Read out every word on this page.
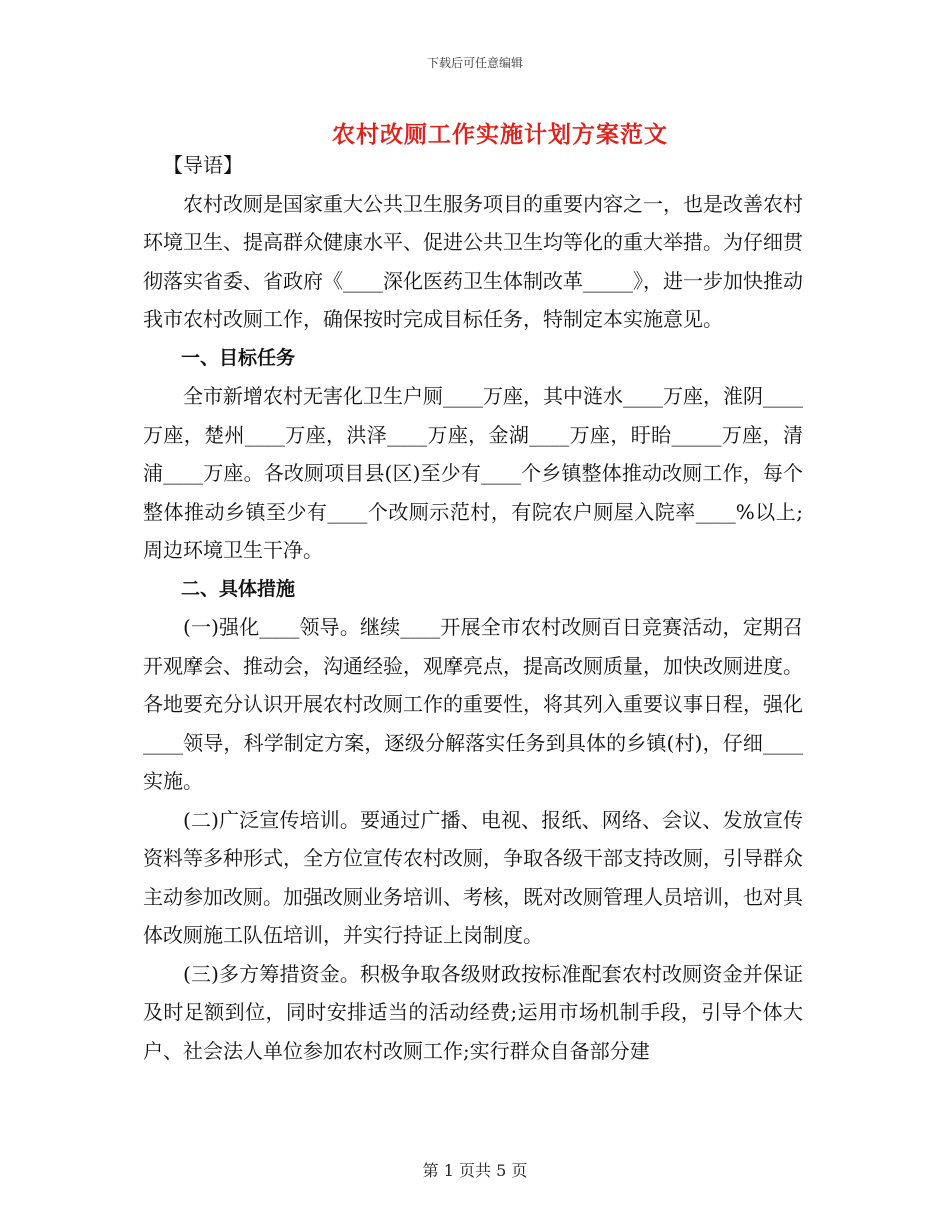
下载后可任意编辑
农村改厕工作实施计划方案范文

【导语】

农村改厕是国家重大公共卫生服务项目的重要内容之一，也是改善农村环境卫生、提高群众健康水平、促进公共卫生均等化的重大举措。为仔细贯彻落实省委、省政府《____深化医药卫生体制改革_____》，进一步加快推动我市农村改厕工作，确保按时完成目标任务，特制定本实施意见。

一、目标任务

全市新增农村无害化卫生户厕____万座，其中涟水____万座，淮阴____万座，楚州____万座，洪泽____万座，金湖____万座，盱眙_____万座，清浦____万座。各改厕项目县(区)至少有____个乡镇整体推动改厕工作，每个整体推动乡镇至少有____个改厕示范村，有院农户厕屋入院率____%以上;周边环境卫生干净。

二、具体措施

(一)强化____领导。继续____开展全市农村改厕百日竞赛活动，定期召开观摩会、推动会，沟通经验，观摩亮点，提高改厕质量，加快改厕进度。各地要充分认识开展农村改厕工作的重要性，将其列入重要议事日程，强化____领导，科学制定方案，逐级分解落实任务到具体的乡镇(村)，仔细____实施。

(二)广泛宣传培训。要通过广播、电视、报纸、网络、会议、发放宣传资料等多种形式，全方位宣传农村改厕，争取各级干部支持改厕，引导群众主动参加改厕。加强改厕业务培训、考核，既对改厕管理人员培训，也对具体改厕施工队伍培训，并实行持证上岗制度。

(三)多方筹措资金。积极争取各级财政按标准配套农村改厕资金并保证及时足额到位，同时安排适当的活动经费;运用市场机制手段，引导个体大户、社会法人单位参加农村改厕工作;实行群众自备部分建

第 1 页共 5 页
